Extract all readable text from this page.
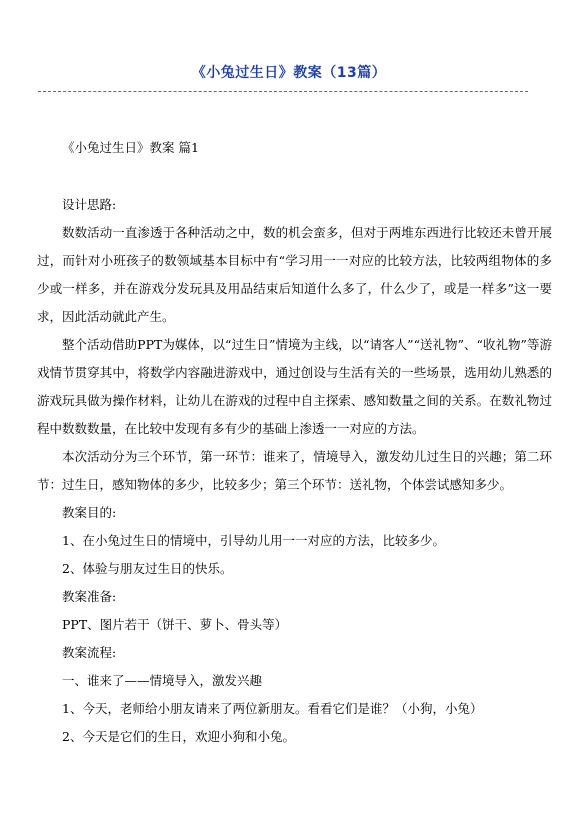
《小兔过生日》教案（13篇）
《小兔过生日》教案 篇1
设计思路:
数数活动一直渗透于各种活动之中，数的机会蛮多，但对于两堆东西进行比较还未曾开展过，而针对小班孩子的数领域基本目标中有“学习用一一对应的比较方法，比较两组物体的多少或一样多，并在游戏分发玩具及用品结束后知道什么多了，什么少了，或是一样多”这一要求，因此活动就此产生。
整个活动借助PPT为媒体，以“过生日”情境为主线，以“请客人”“送礼物”、“收礼物”等游戏情节贯穿其中，将数学内容融进游戏中，通过创设与生活有关的一些场景，选用幼儿熟悉的游戏玩具做为操作材料，让幼儿在游戏的过程中自主探索、感知数量之间的关系。在数礼物过程中数数数量，在比较中发现有多有少的基础上渗透一一对应的方法。
本次活动分为三个环节，第一环节：谁来了，情境导入，激发幼儿过生日的兴趣；第二环节：过生日，感知物体的多少，比较多少；第三个环节：送礼物，个体尝试感知多少。
教案目的:
1、在小兔过生日的情境中，引导幼儿用一一对应的方法，比较多少。
2、体验与朋友过生日的快乐。
教案准备:
PPT、图片若干（饼干、萝卜、骨头等）
教案流程:
一、谁来了——情境导入，激发兴趣
1、今天，老师给小朋友请来了两位新朋友。看看它们是谁？（小狗，小兔）
2、今天是它们的生日，欢迎小狗和小兔。
